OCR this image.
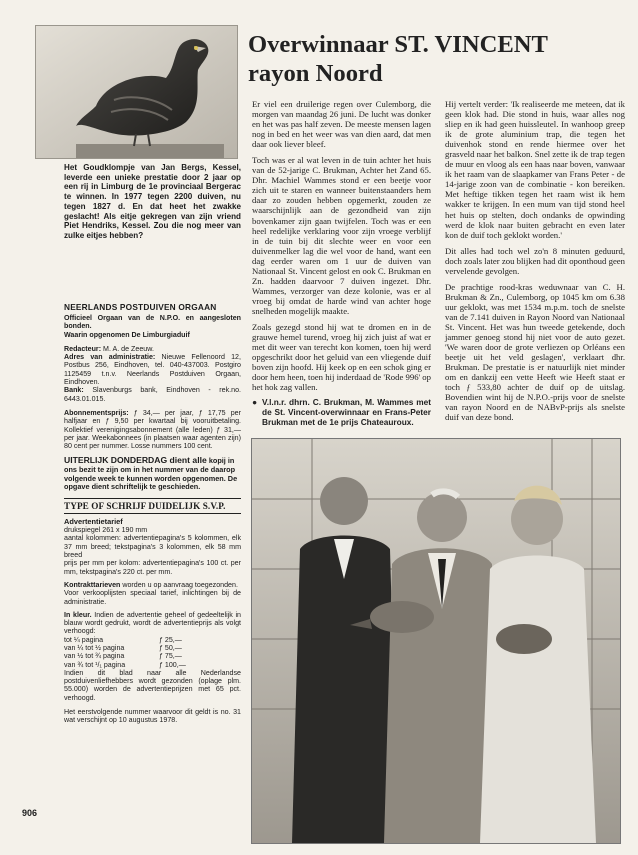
Het Goudklompje van Jan Bergs, Kessel, leverde een unieke prestatie door 2 jaar op een rij in Limburg de 1e provinciaal Bergerac te winnen. In 1977 tegen 2200 duiven, nu tegen 1827 d. En dat heet het zwakke geslacht! Als eitje gekregen van zijn vriend Piet Hendriks, Kessel. Zou die nog meer van zulke eitjes hebben?
NEERLANDS POSTDUIVEN ORGAAN

Officieel Orgaan van de N.P.O. en aangesloten bonden.

Waarin opgenomen De Limburgiaduif

Redacteur: M. A. de Zeeuw.

Adres van administratie: Nieuwe Fellenoord 12, Postbus 256, Eindhoven, tel. 040-437003. Postgiro 1125459 t.n.v. Neerlands Postduiven Orgaan, Eindhoven.

Bank: Slavenburgs bank, Eindhoven - rek.no. 6443.01.015.

Abonnementsprijs: ƒ 34,— per jaar, ƒ 17,75 per halfjaar en ƒ 9,50 per kwartaal bij vooruitbetaling. Kollektief verenigingsabonnement (alle leden) ƒ 31,— per jaar. Weekabonnees (in plaatsen waar agenten zijn) 80 cent per nummer. Losse nummers 100 cent.

UITERLIJK DONDERDAG dient alle kopij in ons bezit te zijn om in het nummer van de daarop volgende week te kunnen worden opgenomen. De opgave dient schriftelijk te geschieden.
TYPE OF SCHRIJF DUIDELIJK S.V.P.

Advertentietarief

drukspiegel 261 x 190 mm
aantal kolommen: advertentiepagina's 5 kolommen, elk 37 mm breed; tekstpagina's 3 kolommen, elk 58 mm breed
prijs per mm per kolom: advertentiepagina's 100 ct. per mm, tekstpagina's 220 ct. per mm.

Kontrakttarieven worden u op aanvraag toegezonden.

Voor verkooplijsten speciaal tarief, inlichtingen bij de administratie.

In kleur. Indien de advertentie geheel of gedeeltelijk in blauw wordt gedrukt, wordt de advertentieprijs als volgt verhoogd:

tot ¼ pagina	ƒ 25,—
van ¼ tot ½ pagina	ƒ 50,—
van ½ tot ¾ pagina	ƒ 75,—
van ¾ tot ¹/₁ pagina	ƒ 100,—

Indien dit blad naar alle Nederlandse postduivenliefhebbers wordt gezonden (oplage plm. 55.000) worden de advertentieprijzen met 65 pct. verhoogd.

Het eerstvolgende nummer waarvoor dit geldt is no. 31 wat verschijnt op 10 augustus 1978.

906
Overwinnaar ST. VINCENT
rayon Noord

Er viel een druilerige regen over Culemborg, die morgen van maandag 26 juni. De lucht was donker en het was pas half zeven. De meeste mensen lagen nog in bed en het weer was van dien aard, dat men daar ook liever bleef.

Toch was er al wat leven in de tuin achter het huis van de 52-jarige C. Brukman, Achter het Zand 65. Dhr. Machiel Wammes stond er een beetje voor zich uit te staren en wanneer buitenstaanders hem daar zo zouden hebben opgemerkt, zouden ze waarschijnlijk aan de gezondheid van zijn bovenkamer zijn gaan twijfelen. Toch was er een heel redelijke verklaring voor zijn vroege verblijf in de tuin bij dit slechte weer en voor een duivenmelker lag die wel voor de hand, want een dag eerder waren om 1 uur de duiven van Nationaal St. Vincent gelost en ook C. Brukman en Zn. hadden daarvoor 7 duiven ingezet. Dhr. Wammes, verzorger van deze kolonie, was er al vroeg bij omdat de harde wind van achter hoge snelheden mogelijk maakte.

Zoals gezegd stond hij wat te dromen en in de grauwe hemel turend, vroeg hij zich juist af wat er met dit weer van terecht kon komen, toen hij werd opgeschrikt door het geluid van een vliegende duif boven zijn hoofd. Hij keek op en een schok ging er door hem heen, toen hij inderdaad de 'Rode 996' op het hok zag vallen.

● V.l.n.r. dhrn. C. Brukman, M. Wammes met de St. Vincent-overwinnaar en Frans-Peter Brukman met de 1e prijs Chateauroux.

Hij vertelt verder: 'Ik realiseerde me meteen, dat ik geen klok had. Die stond in huis, waar alles nog sliep en ik had geen huissleutel. In wanhoop greep ik de grote aluminium trap, die tegen het duivenhok stond en rende hiermee over het grasveld naar het balkon. Snel zette ik de trap tegen de muur en vloog als een haas naar boven, vanwaar ik het raam van de slaapkamer van Frans Peter - de 14-jarige zoon van de combinatie - kon bereiken. Met heftige tikken tegen het raam wist ik hem wakker te krijgen. In een mum van tijd stond heel het huis op stelten, doch ondanks de opwinding werd de klok naar buiten gebracht en even later kon de duif toch geklokt worden.'

Dit alles had toch wel zo'n 8 minuten geduurd, doch zoals later zou blijken had dit oponthoud geen vervelende gevolgen.

De prachtige rood-kras weduwnaar van C. H. Brukman & Zn., Culemborg, op 1045 km om 6.38 uur geklokt, was met 1534 m.p.m. toch de snelste van de 7.141 duiven in Rayon Noord van Nationaal St. Vincent. Het was hun tweede getekende, doch jammer genoeg stond hij niet voor de auto gezet. 'We waren door de grote verliezen op Orléans een beetje uit het veld geslagen', verklaart dhr. Brukman. De prestatie is er natuurlijk niet minder om en dankzij een vette Heeft wie Heeft staat er toch ƒ 533,80 achter de duif op de uitslag. Bovendien wint hij de N.P.O.-prijs voor de snelste van rayon Noord en de NABvP-prijs als snelste duif van deze bond.
